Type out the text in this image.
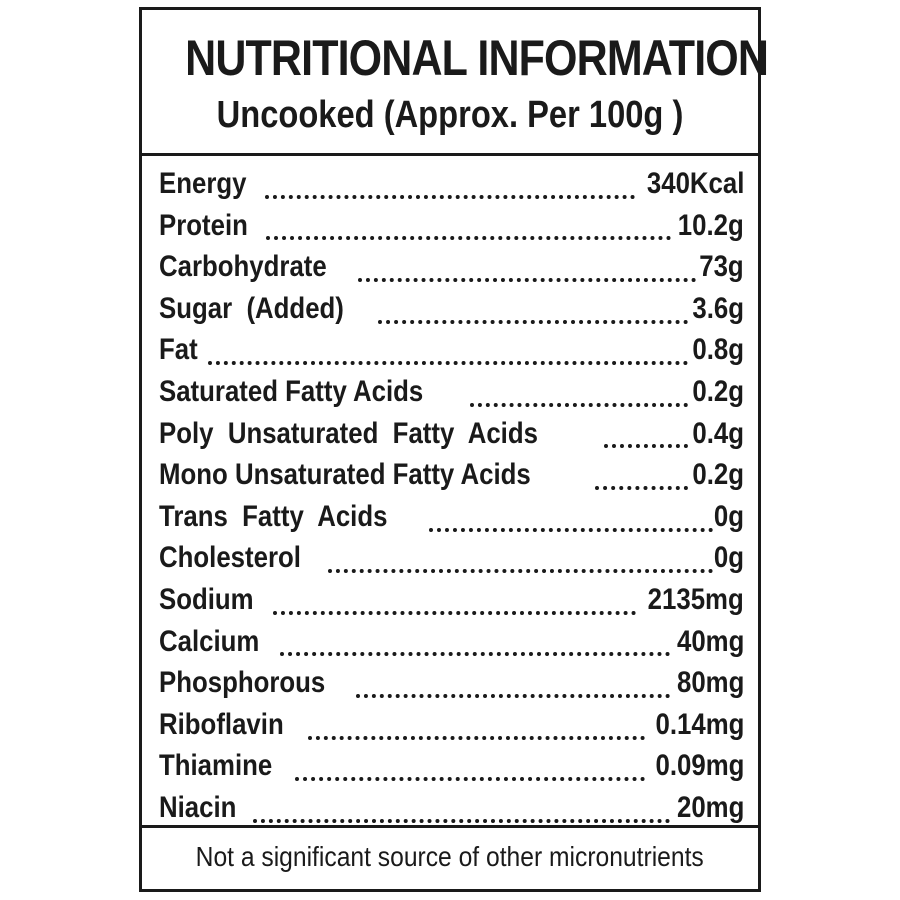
NUTRITIONAL INFORMATION
Uncooked (Approx. Per 100g )
Energy	340Kcal
Protein	10.2g
Carbohydrate	73g
Sugar  (Added)	3.6g
Fat	0.8g
Saturated Fatty Acids	0.2g
Poly  Unsaturated  Fatty  Acids	0.4g
Mono Unsaturated Fatty Acids	0.2g
Trans  Fatty  Acids	0g
Cholesterol	0g
Sodium	2135mg
Calcium	40mg
Phosphorous	80mg
Riboflavin	0.14mg
Thiamine	0.09mg
Niacin	20mg
Not a significant source of other micronutrients
